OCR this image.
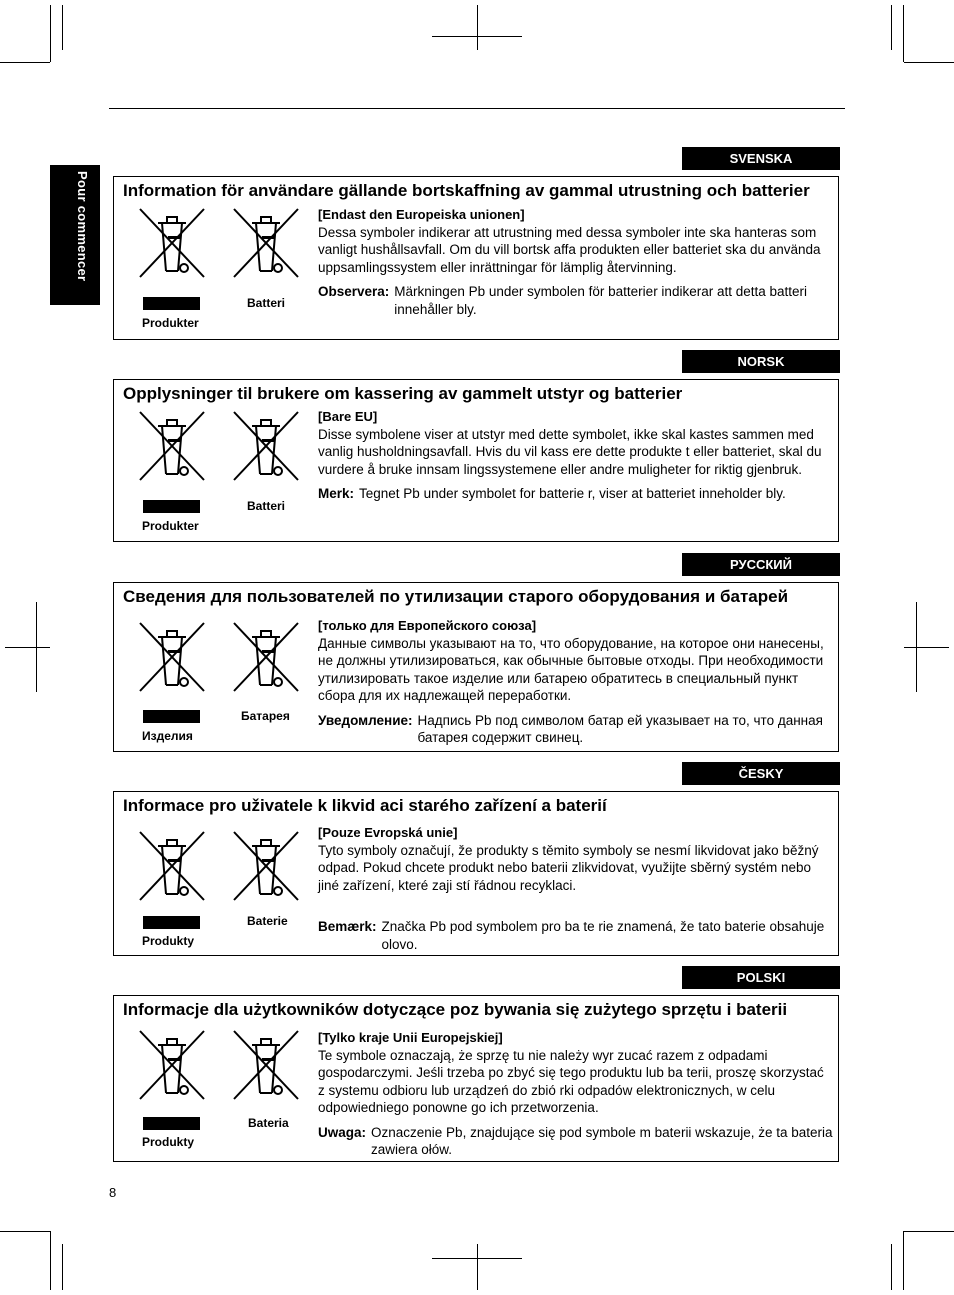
Pour commencer
SVENSKA
Information för användare gällande bortskaffning av gammal utrustning och batterier
Produkter
Batteri
[Endast den Europeiska unionen]
Dessa symboler indikerar att utrustning med dessa symboler inte ska hanteras som vanligt hushållsavfall. Om du vill bortsk affa produkten eller batteriet ska du använda uppsamlingssystem eller inrättningar för lämplig återvinning.
Observera: Märkningen Pb under symbolen för batterier indikerar att detta batteri innehåller bly.
NORSK
Opplysninger til brukere om kassering av gammelt utstyr og batterier
Produkter
Batteri
[Bare EU]
Disse symbolene viser at utstyr med dette symbolet, ikke skal kastes sammen med vanlig husholdningsavfall. Hvis du vil kass ere dette produkte t eller batteriet, skal du vurdere å bruke innsam lingssystemene eller andre muligheter for riktig gjenbruk.
Merk: Tegnet Pb under symbolet for batterie r, viser at batteriet inneholder bly.
РУССКИЙ
Сведения для пользователей по утилизации старого оборудования и батарей
Изделия
Батарея
[только для Европейского союза]
Данные символы указывают на то, что оборудование, на которое они нанесены, не должны утилизироваться, как обычные бытовые отходы. При необходимости утилизировать такое изделие или батарею обратитесь в специальный пункт сбора для их надлежащей переработки.
Уведомление: Надпись Pb под символом батар ей указывает на то, что данная батарея содержит свинец.
ČESKY
Informace pro uživatele k likvid aci starého zařízení a baterií
Produkty
Baterie
[Pouze Evropská unie]
Tyto symboly označují, že produkty s těmito symboly se nesmí likvidovat jako běžný odpad. Pokud chcete produkt nebo baterii zlikvidovat, využijte sběrný systém nebo jiné zařízení, které zaji stí řádnou recyklaci.
Bemærk: Značka Pb pod symbolem pro ba te rie znamená, že tato baterie obsahuje olovo.
POLSKI
Informacje dla użytkowników dotyczące poz bywania się zużytego sprzętu i baterii
Produkty
Bateria
[Tylko kraje Unii Europejskiej]
Te symbole oznaczają, że sprzę tu nie należy wyr zucać razem z odpadami gospodarczymi. Jeśli trzeba po zbyć się tego produktu lub ba terii, proszę skorzystać z systemu odbioru lub urządzeń do zbió rki odpadów elektronicznych, w celu odpowiedniego ponowne go ich przetworzenia.
Uwaga: Oznaczenie Pb, znajdujące się pod symbole m baterii wskazuje, że ta bateria zawiera ołów.
8
